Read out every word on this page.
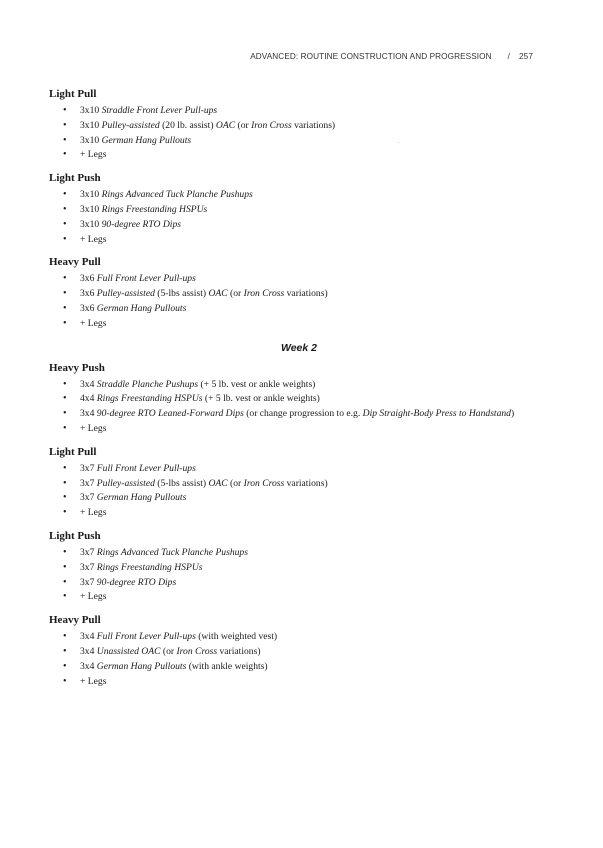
ADVANCED: ROUTINE CONSTRUCTION AND PROGRESSION / 257
.
Light Pull
• 3x10 Straddle Front Lever Pull-ups
• 3x10 Pulley-assisted (20 lb. assist) OAC (or Iron Cross variations)
• 3x10 German Hang Pullouts
• + Legs
Light Push
• 3x10 Rings Advanced Tuck Planche Pushups
• 3x10 Rings Freestanding HSPUs
• 3x10 90-degree RTO Dips
• + Legs
Heavy Pull
• 3x6 Full Front Lever Pull-ups
• 3x6 Pulley-assisted (5-lbs assist) OAC (or Iron Cross variations)
• 3x6 German Hang Pullouts
• + Legs
Week 2
Heavy Push
• 3x4 Straddle Planche Pushups (+ 5 lb. vest or ankle weights)
• 4x4 Rings Freestanding HSPUs (+ 5 lb. vest or ankle weights)
• 3x4 90-degree RTO Leaned-Forward Dips (or change progression to e.g. Dip Straight-Body Press to Handstand)
• + Legs
Light Pull
• 3x7 Full Front Lever Pull-ups
• 3x7 Pulley-assisted (5-lbs assist) OAC (or Iron Cross variations)
• 3x7 German Hang Pullouts
• + Legs
Light Push
• 3x7 Rings Advanced Tuck Planche Pushups
• 3x7 Rings Freestanding HSPUs
• 3x7 90-degree RTO Dips
• + Legs
Heavy Pull
• 3x4 Full Front Lever Pull-ups (with weighted vest)
• 3x4 Unassisted OAC (or Iron Cross variations)
• 3x4 German Hang Pullouts (with ankle weights)
• + Legs
